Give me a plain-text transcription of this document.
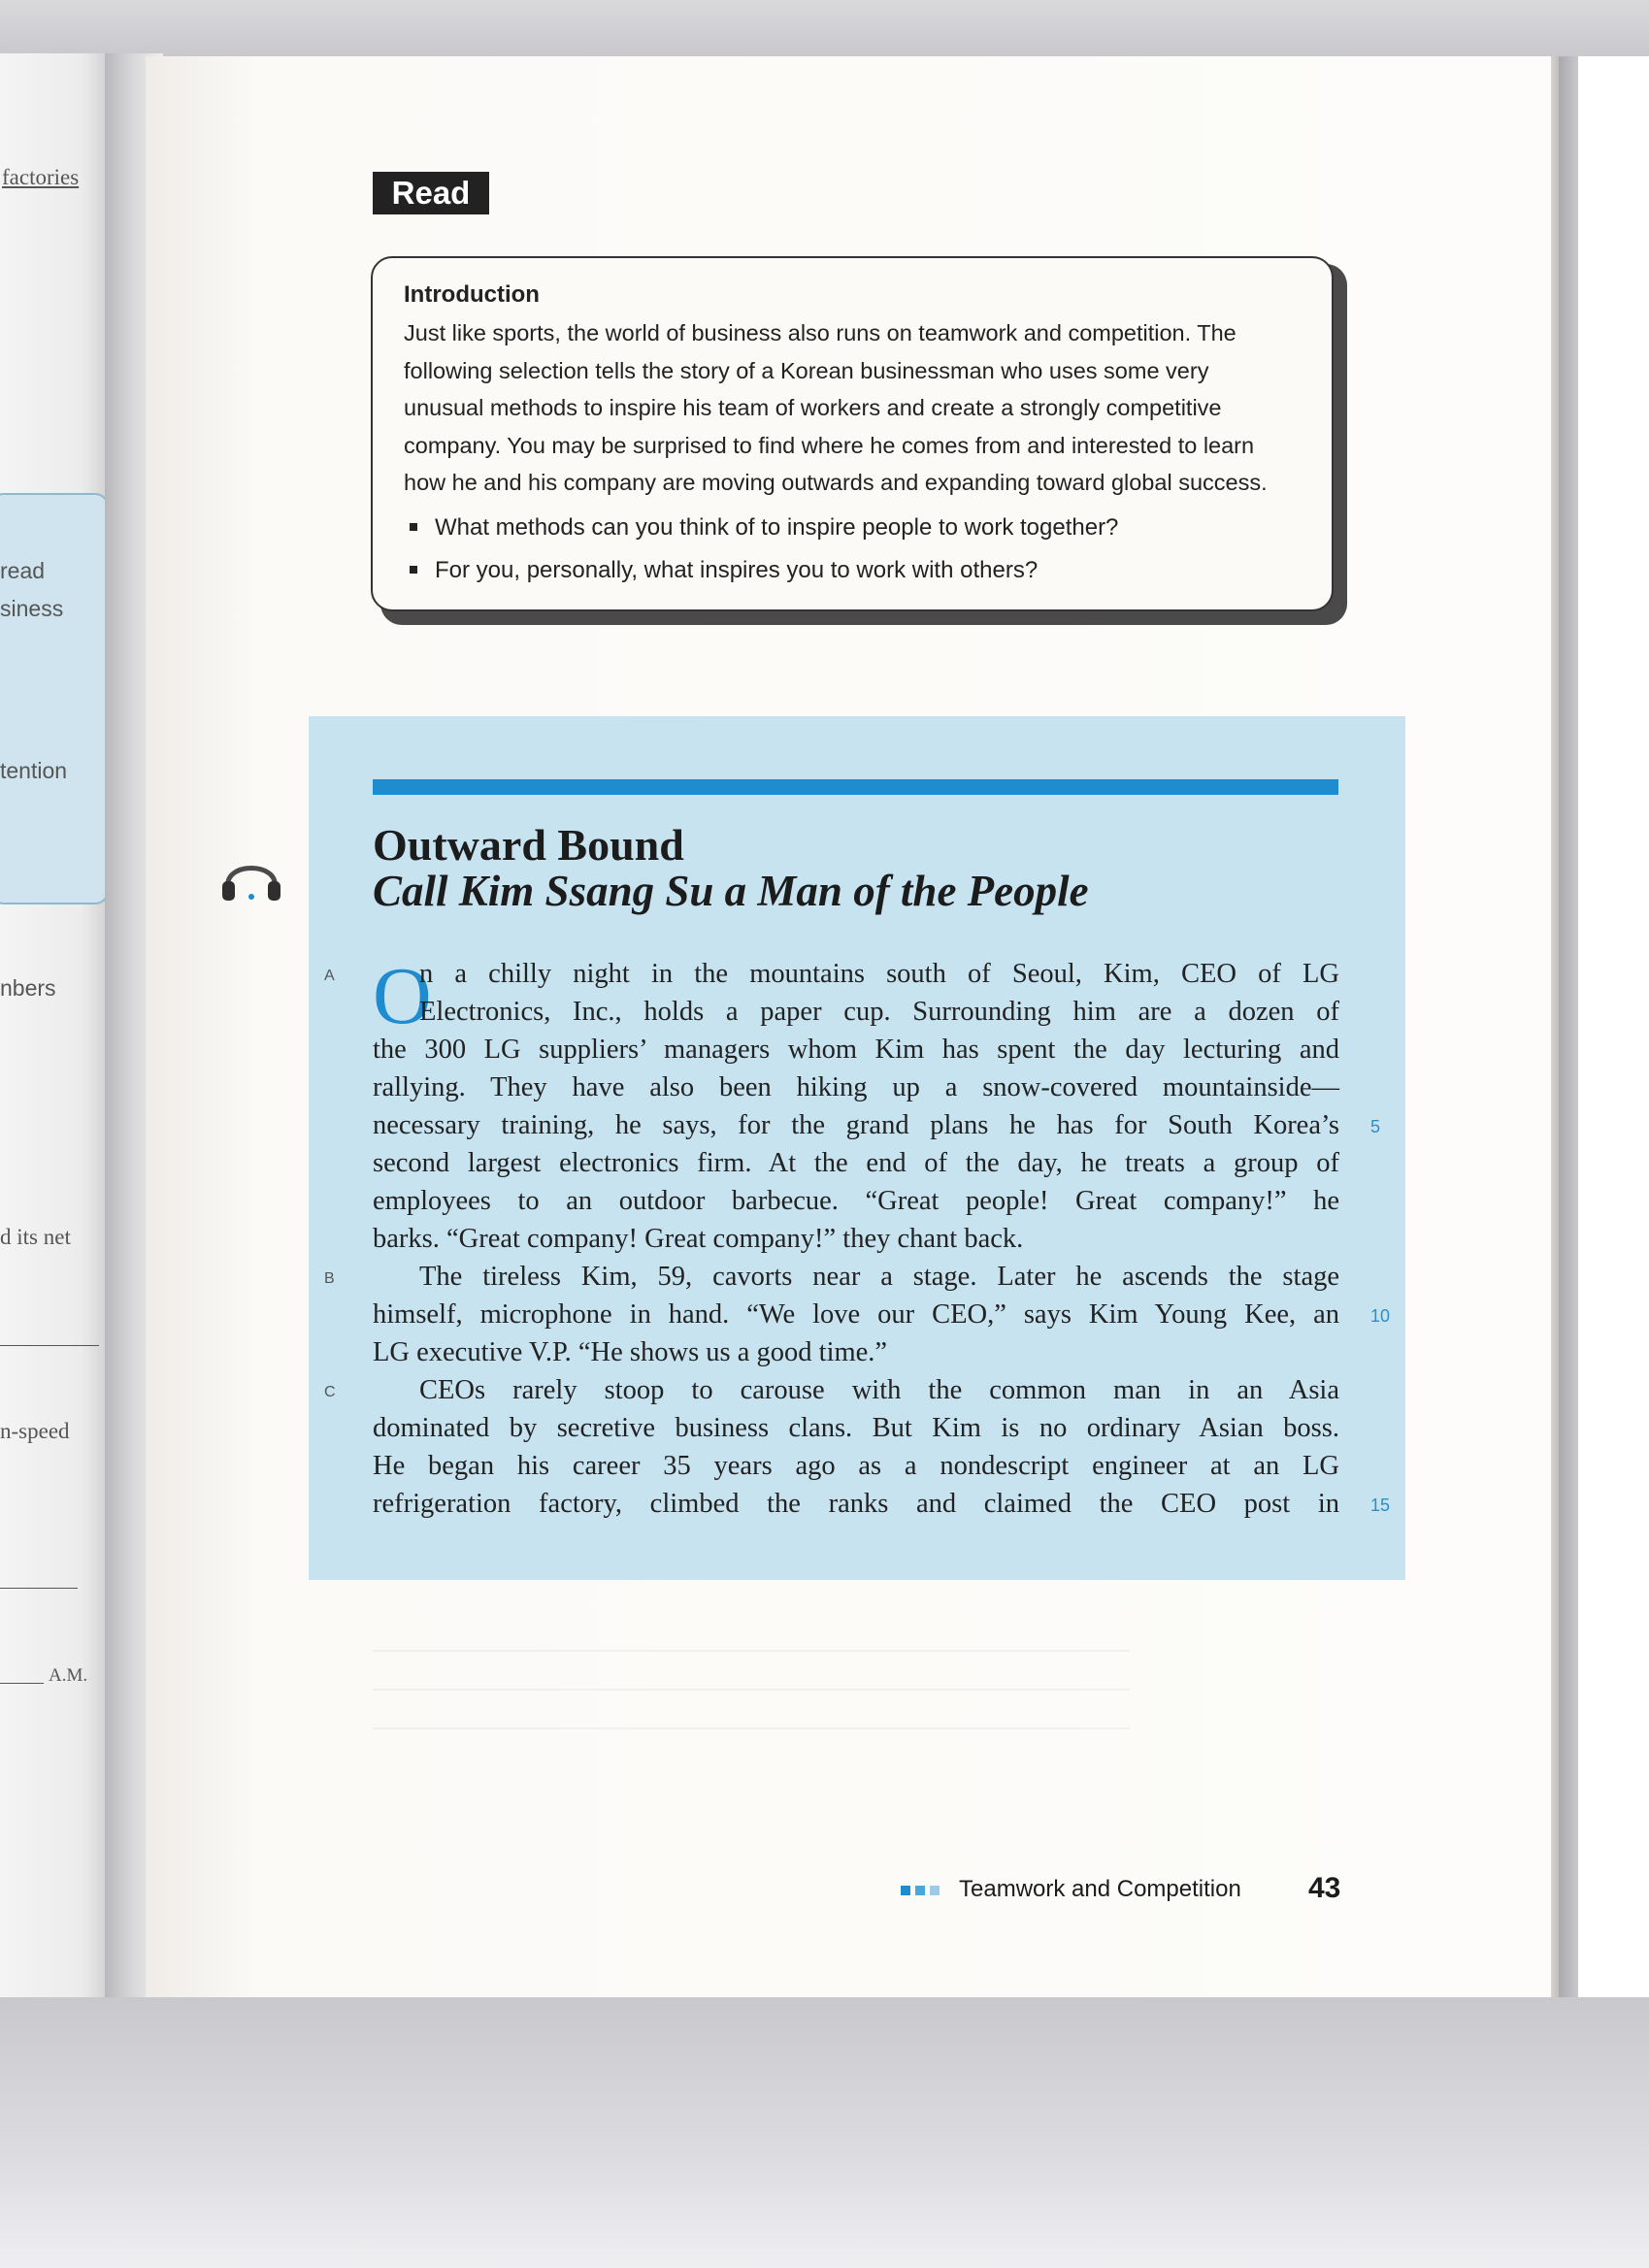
factories
read
siness
tention
nbers
d its net
n-speed
A.M.
Read
Introduction
Just like sports, the world of business also runs on teamwork and competition. The
following selection tells the story of a Korean businessman who uses some very
unusual methods to inspire his team of workers and create a strongly competitive
company. You may be surprised to find where he comes from and interested to learn
how he and his company are moving outwards and expanding toward global success.
What methods can you think of to inspire people to work together?
For you, personally, what inspires you to work with others?
Outward Bound
Call Kim Ssang Su a Man of the People
O
A
B
C
n a chilly night in the mountains south of Seoul, Kim, CEO of LG
Electronics, Inc., holds a paper cup. Surrounding him are a dozen of
the 300 LG suppliers’ managers whom Kim has spent the day lecturing and
rallying. They have also been hiking up a snow-covered mountainside—
necessary training, he says, for the grand plans he has for South Korea’s
second largest electronics firm. At the end of the day, he treats a group of
employees to an outdoor barbecue. “Great people! Great company!” he
barks. “Great company! Great company!” they chant back.
The tireless Kim, 59, cavorts near a stage. Later he ascends the stage
himself, microphone in hand. “We love our CEO,” says Kim Young Kee, an
LG executive V.P. “He shows us a good time.”
CEOs rarely stoop to carouse with the common man in an Asia
dominated by secretive business clans. But Kim is no ordinary Asian boss.
He began his career 35 years ago as a nondescript engineer at an LG
refrigeration factory, climbed the ranks and claimed the CEO post in
5
10
15
Teamwork and Competition 43
